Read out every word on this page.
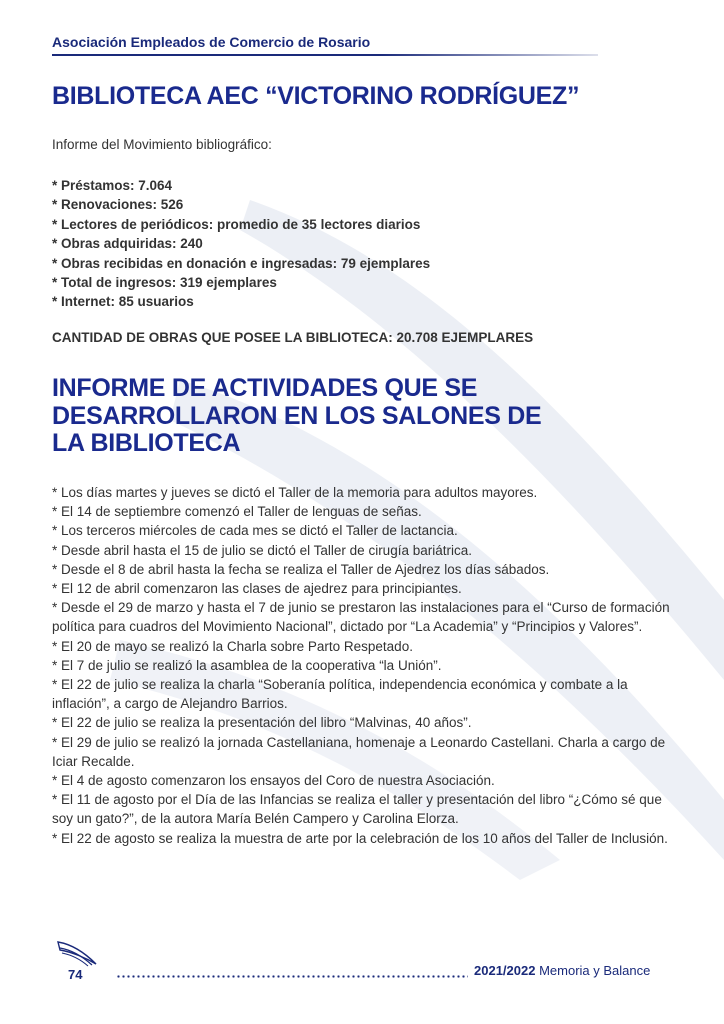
Asociación Empleados de Comercio de Rosario
BIBLIOTECA AEC “VICTORINO RODRÍGUEZ”
Informe del Movimiento bibliográfico:
* Préstamos: 7.064
* Renovaciones: 526
* Lectores de periódicos: promedio de 35 lectores diarios
* Obras adquiridas: 240
* Obras recibidas en donación e ingresadas: 79 ejemplares
* Total de ingresos: 319 ejemplares
* Internet: 85 usuarios
CANTIDAD DE OBRAS QUE POSEE LA BIBLIOTECA: 20.708 EJEMPLARES
INFORME DE ACTIVIDADES QUE SE
DESARROLLARON EN LOS SALONES DE
LA BIBLIOTECA
* Los días martes y jueves se dictó el Taller de la memoria para adultos mayores.
* El 14 de septiembre comenzó el Taller de lenguas de señas.
* Los terceros miércoles de cada mes se dictó el Taller de lactancia.
* Desde abril hasta el 15 de julio se dictó el Taller de cirugía bariátrica.
* Desde el 8 de abril hasta la fecha se realiza el Taller de Ajedrez los días sábados.
* El 12 de abril comenzaron las clases de ajedrez para principiantes.
* Desde el 29 de marzo y hasta el 7 de junio se prestaron las instalaciones para el “Curso de formación política para cuadros del Movimiento Nacional”, dictado por “La Academia” y “Principios y Valores”.
* El 20 de mayo se realizó la Charla sobre Parto Respetado.
* El 7 de julio se realizó la asamblea de la cooperativa “la Unión”.
* El 22 de julio se realiza la charla “Soberanía política, independencia económica y combate a la inflación”, a cargo de Alejandro Barrios.
* El 22 de julio se realiza la presentación del libro “Malvinas, 40 años”.
* El 29 de julio se realizó la jornada Castellaniana, homenaje a Leonardo Castellani. Charla a cargo de Iciar Recalde.
* El 4 de agosto comenzaron los ensayos del Coro de nuestra Asociación.
* El 11 de agosto por el Día de las Infancias se realiza el taller y presentación del libro “¿Cómo sé que soy un gato?”, de la autora María Belén Campero y Carolina Elorza.
* El 22 de agosto se realiza la muestra de arte por la celebración de los 10 años del Taller de Inclusión.
74	2021/2022 Memoria y Balance
